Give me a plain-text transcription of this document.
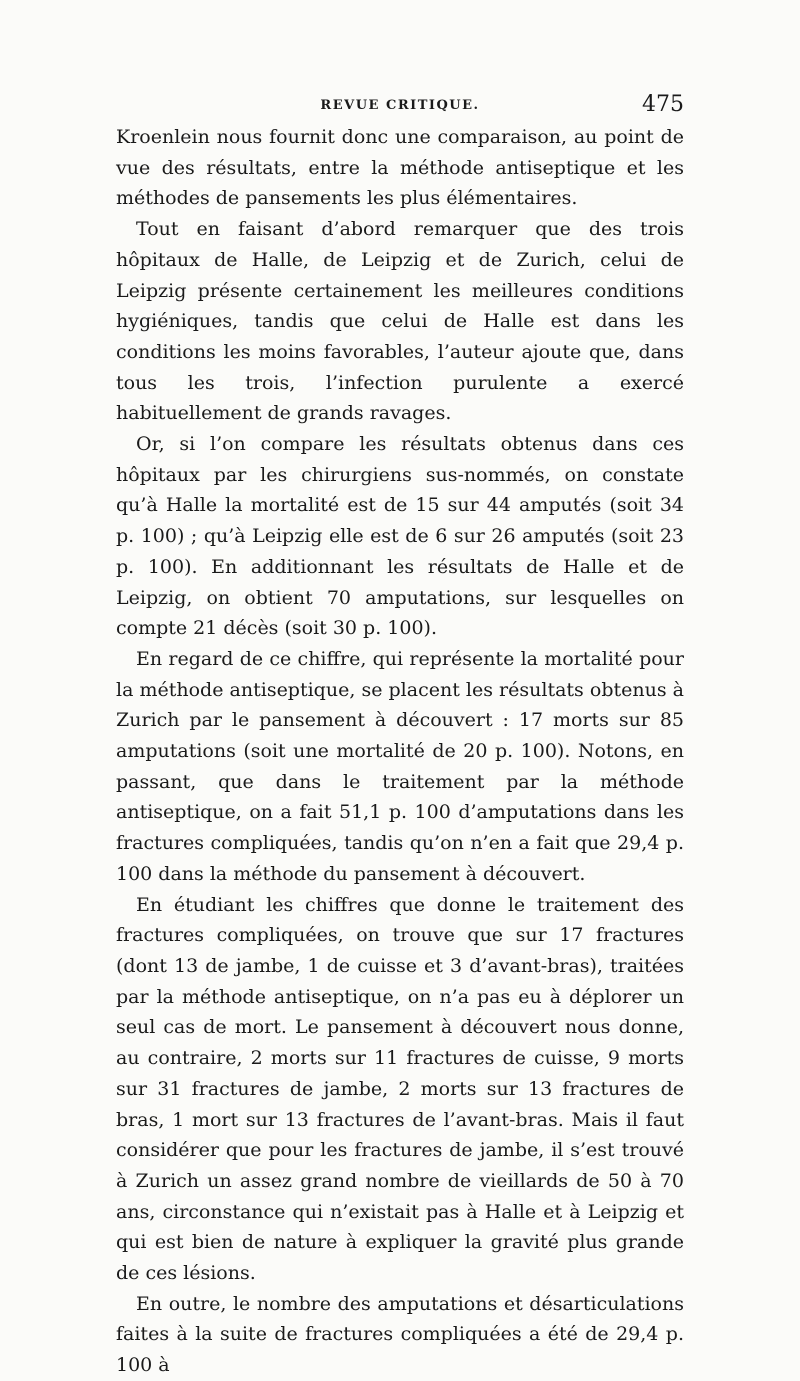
REVUE CRITIQUE.	475

Kroenlein nous fournit donc une comparaison, au point de vue des résultats, entre la méthode antiseptique et les méthodes de pansements les plus élémentaires.

Tout en faisant d’abord remarquer que des trois hôpitaux de Halle, de Leipzig et de Zurich, celui de Leipzig présente certainement les meilleures conditions hygiéniques, tandis que celui de Halle est dans les conditions les moins favorables, l’auteur ajoute que, dans tous les trois, l’infection purulente a exercé habituellement de grands ravages.

Or, si l’on compare les résultats obtenus dans ces hôpitaux par les chirurgiens sus-nommés, on constate qu’à Halle la mortalité est de 15 sur 44 amputés (soit 34 p. 100) ; qu’à Leipzig elle est de 6 sur 26 amputés (soit 23 p. 100). En additionnant les résultats de Halle et de Leipzig, on obtient 70 amputations, sur lesquelles on compte 21 décès (soit 30 p. 100).

En regard de ce chiffre, qui représente la mortalité pour la méthode antiseptique, se placent les résultats obtenus à Zurich par le pansement à découvert : 17 morts sur 85 amputations (soit une mortalité de 20 p. 100). Notons, en passant, que dans le traitement par la méthode antiseptique, on a fait 51,1 p. 100 d’amputations dans les fractures compliquées, tandis qu’on n’en a fait que 29,4 p. 100 dans la méthode du pansement à découvert.

En étudiant les chiffres que donne le traitement des fractures compliquées, on trouve que sur 17 fractures (dont 13 de jambe, 1 de cuisse et 3 d’avant-bras), traitées par la méthode antiseptique, on n’a pas eu à déplorer un seul cas de mort. Le pansement à découvert nous donne, au contraire, 2 morts sur 11 fractures de cuisse, 9 morts sur 31 fractures de jambe, 2 morts sur 13 fractures de bras, 1 mort sur 13 fractures de l’avant-bras. Mais il faut considérer que pour les fractures de jambe, il s’est trouvé à Zurich un assez grand nombre de vieillards de 50 à 70 ans, circonstance qui n’existait pas à Halle et à Leipzig et qui est bien de nature à expliquer la gravité plus grande de ces lésions.

En outre, le nombre des amputations et désarticulations faites à la suite de fractures compliquées a été de 29,4 p. 100 à
